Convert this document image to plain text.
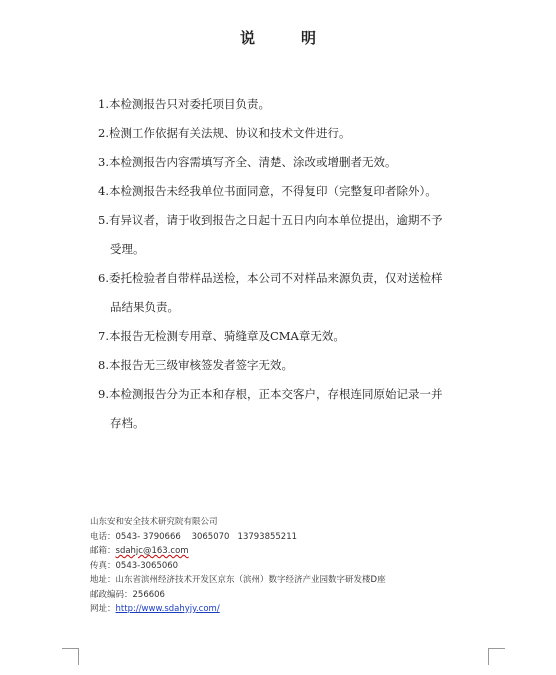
说	明
1.本检测报告只对委托项目负责。
2.检测工作依据有关法规、协议和技术文件进行。
3.本检测报告内容需填写齐全、清楚、涂改或增删者无效。
4.本检测报告未经我单位书面同意，不得复印（完整复印者除外）。
5.有异议者，请于收到报告之日起十五日内向本单位提出，逾期不予
受理。
6.委托检验者自带样品送检，本公司不对样品来源负责，仅对送检样
品结果负责。
7.本报告无检测专用章、骑缝章及CMA章无效。
8.本报告无三级审核签发者签字无效。
9.本检测报告分为正本和存根，正本交客户，存根连同原始记录一并
存档。
山东安和安全技术研究院有限公司
电话：0543- 3790666    3065070   13793855211
邮箱：sdahjc@163.com
传真：0543-3065060
地址：山东省滨州经济技术开发区京东（滨州）数字经济产业园数字研发楼D座
邮政编码：256606
网址：http://www.sdahyjy.com/
